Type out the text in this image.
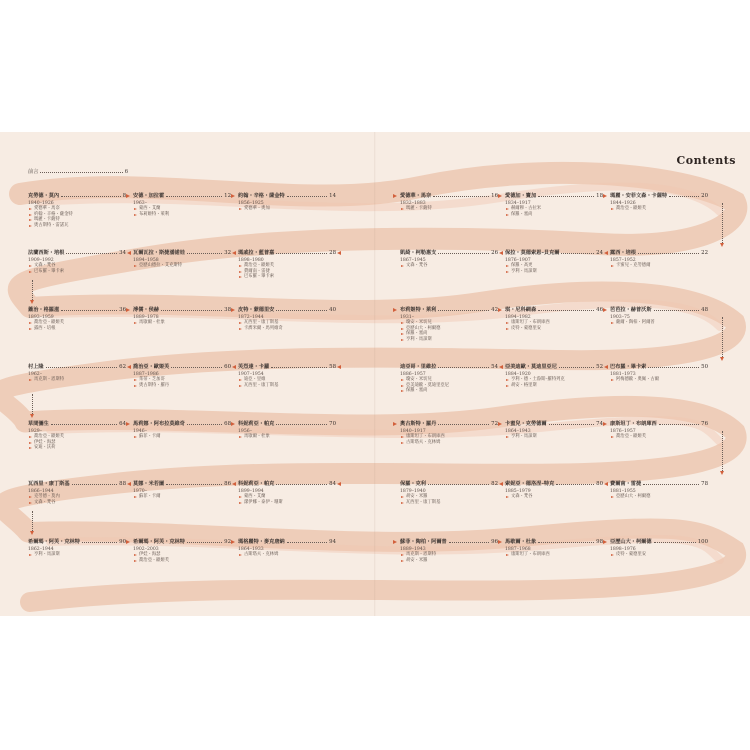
Contents
前言	6
克勞德・莫內	8
1840–1926
愛德華・馬奈
約翰・辛格・薩金特
瑪麗・卡薩特
奧古斯特・雷諾瓦
安德・加拉霍	12
1963–
蒙西・艾蘭
布莉姬特・萊利
約翰・辛格・薩金特	14
1856–1925
愛德華・奧加
愛德華・馬奈	16
1832–1883
瑪麗・卡薩特
愛德加・竇加	18
1834–1917
赫爾穆・古拉米
保羅・塞尚
瑪麗・安菲文森・卡薩特	20
1844–1926
喬治亞・歐姬芙
法蘭西斯・培根	34
1909–1992
文森・梵谷
巴布羅・畢卡索
瓦爾瓦拉・斯捷潘諾娃	32
1894–1958
亞歷山德拉・艾克斯特
瑪戚拉・藍普嘉	28
1898–1980
喬治亞・歐姬芙
費爾南・雷捷
巴布羅・畢卡索
凱綺・柯勒惠支	26
1867–1945
文森・梵谷
保拉・莫德索恩–貝克爾	24
1876–1907
保羅・高更
亨利・馬諦斯
露西・培根	22
1857–1952
卡蜜兒・克勞德爾
蕭治・格羅滋	36
1893–1959
喬治亞・歐姬芙
露西・培根
溥儒・侯赫	38
1889–1978
馬歇爾・杜象
皮特・蒙德里安	40
1872–1944
瓦西里・康丁斯基
卡濟米爾・馬列維奇
布莉姬特・萊利	42
1931–
瓊安・米切兒
亞歷山大・柯爾德
保羅・塞尚
亨利・馬諦斯
琪・尼科綢森	46
1894–1982
康斯坦丁・布朗庫西
皮特・蒙德里安
芭芭拉・赫普沃斯	48
1903–75
薩爾・陶柏・阿爾普
村上隆	62
1962–
馬克斯・恩斯特
喬治亞・歐姬芙	60
1887–1986
茱蒂・芝加哥
奧古斯特・羅丹
芙烈達・卡蘿	58
1907–1954
迪亞・里維
瓦西里・康丁斯基
迪亞哥・里維拉	54
1886–1957
瓊安・米切兒
亞美迪歐・莫迪里亞尼
保羅・塞尚
亞美迪歐・莫迪里亞尼	52
1884–1920
亨利・德・土魯斯–羅特列克
胡安・格里斯
巴布羅・畢卡索	50
1881–1973
阿梅德歐・奧佩・古爾
草間彌生	64
1929–
喬治亞・歐姬芙
伊娃・海瑟
安迪・沃荷
馬莉娜・阿布拉莫維奇	68
1946–
蘇菲・卡爾
科妮莉亞・帕克	70
1956–
馬歇爾・杜象
奧古斯特・羅丹	72
1840–1917
康斯坦丁・布朗庫西
古斯塔夫・克林姆
卡蜜兒・克勞德爾	74
1864–1943
亨利・馬諦斯
康斯坦丁・布朗庫西	76
1876–1957
喬治亞・歐姬芙
瓦西里・康丁斯基	88
1866–1944
克勞德・莫內
文森・梵谷
莫娜・米若圖	86
1970–
蘇菲・卡爾
科妮莉亞・帕克	84
1899–1994
蒙西・艾蘭
潔伊娜・泰伊・珊斯
保羅・克利	82
1879–1940
胡安・米羅
瓦西里・康丁斯基
索妮亞・德洛涅–特克	80
1885–1979
文森・梵谷
費爾南・雷捷	78
1881–1955
亞歷山大・柯爾德
希爾瑪・阿芙・克林特	90
1862–1944
亨利・馬諦斯
希爾瑪・阿芙・克林特	92
1902–2003
伊娃・海瑟
喬治亞・歐姬芙
瑪格麗特・麥克唐納	94
1864–1933
古斯塔夫・克林姆
蘇菲・陶柏・阿爾普	96
1889–1943
馬克斯・恩斯特
胡安・米羅
馬歇爾・杜象	98
1887–1968
康斯坦丁・布朗庫西
亞歷山大・柯爾德	100
1898–1976
皮特・蒙德里安
